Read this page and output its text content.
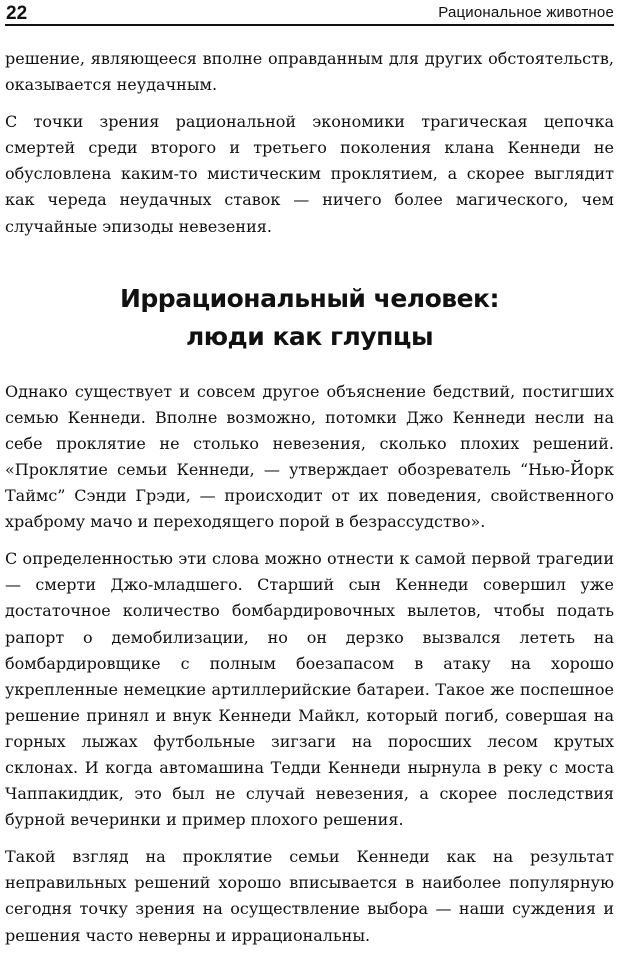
22	Рациональное животное

решение, являющееся вполне оправданным для других обстоятельств, оказывается неудачным.

С точки зрения рациональной экономики трагическая цепочка смертей среди второго и третьего поколения клана Кеннеди не обусловлена каким-то мистическим проклятием, а скорее выглядит как череда неудачных ставок — ничего более магического, чем случайные эпизоды невезения.

Иррациональный человек:
люди как глупцы

Однако существует и совсем другое объяснение бедствий, постигших семью Кеннеди. Вполне возможно, потомки Джо Кеннеди несли на себе проклятие не столько невезения, сколько плохих решений. «Проклятие семьи Кеннеди, — утверждает обозреватель “Нью-Йорк Таймс” Сэнди Грэди, — происходит от их поведения, свойственного храброму мачо и переходящего порой в безрассудство».

С определенностью эти слова можно отнести к самой первой трагедии — смерти Джо-младшего. Старший сын Кеннеди совершил уже достаточное количество бомбардировочных вылетов, чтобы подать рапорт о демобилизации, но он дерзко вызвался лететь на бомбардировщике с полным боезапасом в атаку на хорошо укрепленные немецкие артиллерийские батареи. Такое же поспешное решение принял и внук Кеннеди Майкл, который погиб, совершая на горных лыжах футбольные зигзаги на поросших лесом крутых склонах. И когда автомашина Тедди Кеннеди нырнула в реку с моста Чаппакиддик, это был не случай невезения, а скорее последствия бурной вечеринки и пример плохого решения.

Такой взгляд на проклятие семьи Кеннеди как на результат неправильных решений хорошо вписывается в наиболее популярную сегодня точку зрения на осуществление выбора — наши суждения и решения часто неверны и иррациональны.
